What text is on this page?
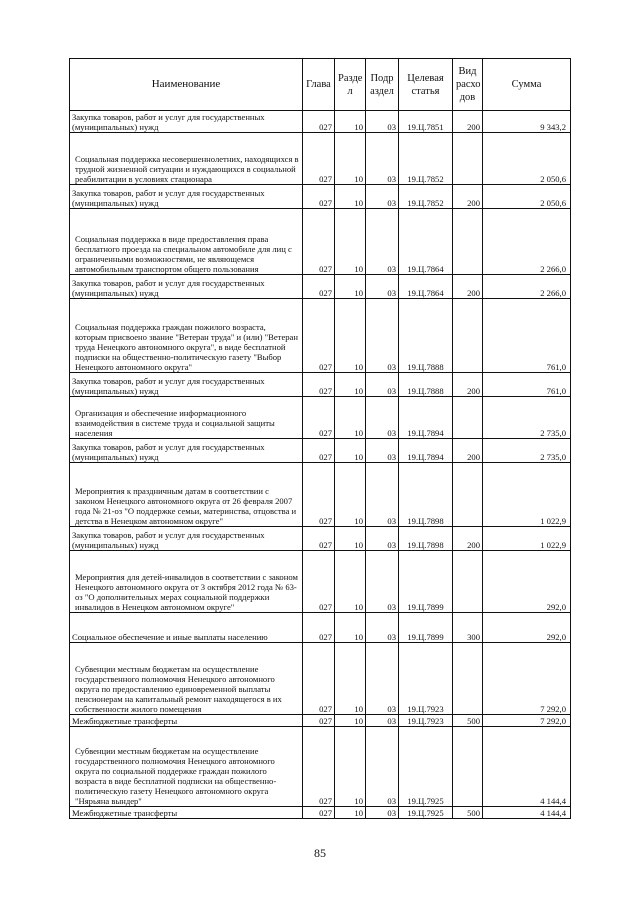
Наименование	Глава	Разде л	Подр аздел	Целевая статья	Вид расхо дов	Сумма
Закупка товаров, работ и услуг для государственных (муниципальных) нужд	027	10	03	19.Ц.7851	200	9 343,2
Социальная поддержка несовершеннолетних, находящихся в трудной жизненной ситуации и нуждающихся в социальной реабилитации в условиях стационара	027	10	03	19.Ц.7852		2 050,6
Закупка товаров, работ и услуг для государственных (муниципальных) нужд	027	10	03	19.Ц.7852	200	2 050,6
Социальная поддержка в виде предоставления права бесплатного проезда на специальном автомобиле для лиц с ограниченными возможностями, не являющемся автомобильным транспортом общего пользования	027	10	03	19.Ц.7864		2 266,0
Закупка товаров, работ и услуг для государственных (муниципальных) нужд	027	10	03	19.Ц.7864	200	2 266,0
Социальная поддержка граждан пожилого возраста, которым присвоено звание "Ветеран труда" и (или) "Ветеран труда Ненецкого автономного округа", в виде бесплатной подписки на общественно-политическую газету "Выбор Ненецкого автономного округа"	027	10	03	19.Ц.7888		761,0
Закупка товаров, работ и услуг для государственных (муниципальных) нужд	027	10	03	19.Ц.7888	200	761,0
Организация и обеспечение информационного взаимодействия в системе труда и социальной защиты населения	027	10	03	19.Ц.7894		2 735,0
Закупка товаров, работ и услуг для государственных (муниципальных) нужд	027	10	03	19.Ц.7894	200	2 735,0
Мероприятия к праздничным датам в соответствии с законом Ненецкого автономного округа от 26 февраля 2007 года № 21-оз "О поддержке семьи, материнства, отцовства и детства в Ненецком автономном округе"	027	10	03	19.Ц.7898		1 022,9
Закупка товаров, работ и услуг для государственных (муниципальных) нужд	027	10	03	19.Ц.7898	200	1 022,9
Мероприятия для детей-инвалидов в соответствии с законом Ненецкого автономного округа от 3 октября 2012 года № 63-оз "О дополнительных мерах социальной поддержки инвалидов в Ненецком автономном округе"	027	10	03	19.Ц.7899		292,0
Социальное обеспечение и иные выплаты населению	027	10	03	19.Ц.7899	300	292,0
Субвенции местным бюджетам на осуществление государственного полномочия Ненецкого автономного округа по предоставлению единовременной выплаты пенсионерам на капитальный ремонт находящегося в их собственности жилого помещения	027	10	03	19.Ц.7923		7 292,0
Межбюджетные трансферты	027	10	03	19.Ц.7923	500	7 292,0
Субвенции местным бюджетам на осуществление государственного полномочия Ненецкого автономного округа по социальной поддержке граждан пожилого возраста в виде бесплатной подписки на общественно-политическую газету Ненецкого автономного округа "Нярьяна вындер"	027	10	03	19.Ц.7925		4 144,4
Межбюджетные трансферты	027	10	03	19.Ц.7925	500	4 144,4
85
